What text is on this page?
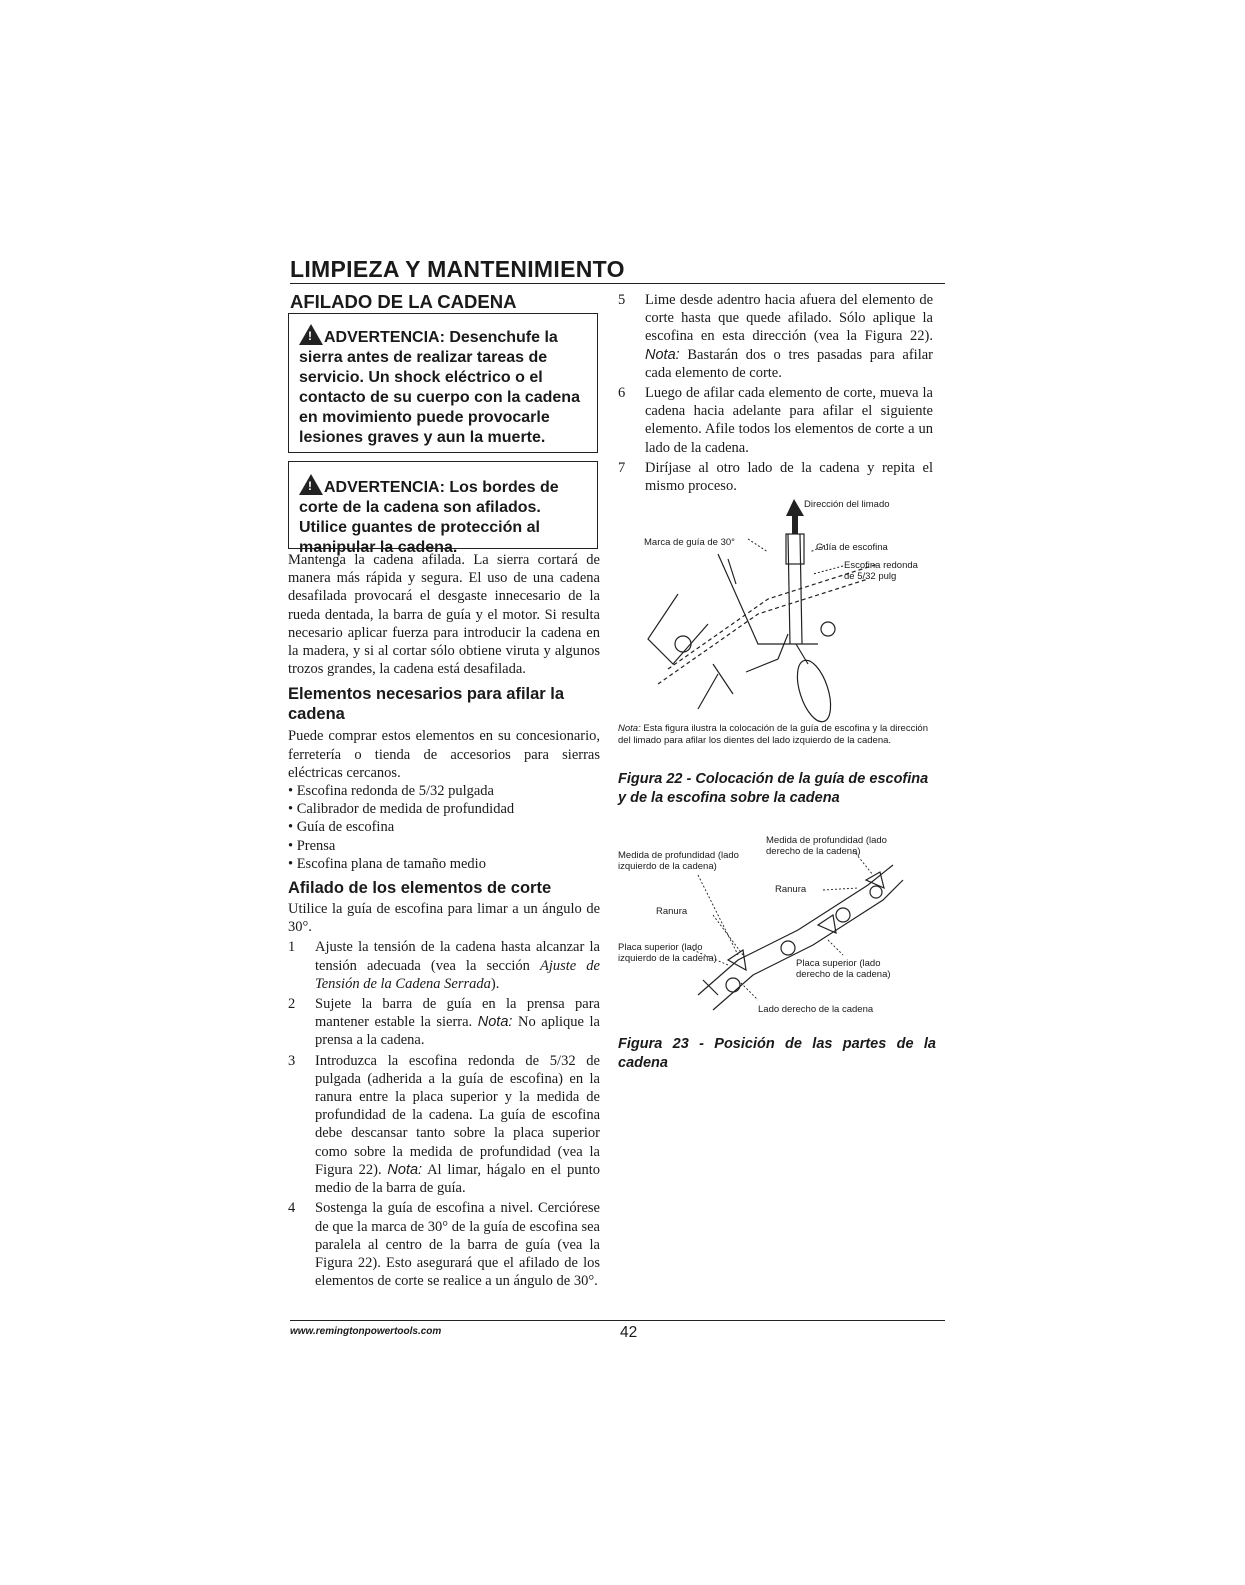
LIMPIEZA Y MANTENIMIENTO
AFILADO DE LA CADENA

!ADVERTENCIA: Desenchufe la sierra antes de realizar tareas de servicio. Un shock eléctrico o el contacto de su cuerpo con la cadena en movimiento puede provocarle lesiones graves y aun la muerte.

!ADVERTENCIA: Los bordes de corte de la cadena son afilados. Utilice guantes de protección al manipular la cadena.

Mantenga la cadena afilada. La sierra cortará de manera más rápida y segura. El uso de una cadena desafilada provocará el desgaste innecesario de la rueda dentada, la barra de guía y el motor. Si resulta necesario aplicar fuerza para introducir la cadena en la madera, y si al cortar sólo obtiene viruta y algunos trozos grandes, la cadena está desafilada.
Elementos necesarios para afilar la cadena
Puede comprar estos elementos en su concesionario, ferretería o tienda de accesorios para sierras eléctricas cercanos.
• Escofina redonda de 5/32 pulgada
• Calibrador de medida de profundidad
• Guía de escofina
• Prensa
• Escofina plana de tamaño medio
Afilado de los elementos de corte
Utilice la guía de escofina para limar a un ángulo de 30°.
1 Ajuste la tensión de la cadena hasta alcanzar la tensión adecuada (vea la sección Ajuste de Tensión de la Cadena Serrada).
2 Sujete la barra de guía en la prensa para mantener estable la sierra. Nota: No aplique la prensa a la cadena.
3 Introduzca la escofina redonda de 5/32 de pulgada (adherida a la guía de escofina) en la ranura entre la placa superior y la medida de profundidad de la cadena. La guía de escofina debe descansar tanto sobre la placa superior como sobre la medida de profundidad (vea la Figura 22). Nota: Al limar, hágalo en el punto medio de la barra de guía.
4 Sostenga la guía de escofina a nivel. Cerciórese de que la marca de 30° de la guía de escofina sea paralela al centro de la barra de guía (vea la Figura 22). Esto asegurará que el afilado de los elementos de corte se realice a un ángulo de 30°.
5 Lime desde adentro hacia afuera del elemento de corte hasta que quede afilado. Sólo aplique la escofina en esta dirección (vea la Figura 22). Nota: Bastarán dos o tres pasadas para afilar cada elemento de corte.
6 Luego de afilar cada elemento de corte, mueva la cadena hacia adelante para afilar el siguiente elemento. Afile todos los elementos de corte a un lado de la cadena.
7 Diríjase al otro lado de la cadena y repita el mismo proceso.
Dirección del limado
Marca de guía de 30°	Guía de escofina
Escofina redonda de 5/32 pulg
Nota: Esta figura ilustra la colocación de la guía de escofina y la dirección del limado para afilar los dientes del lado izquierdo de la cadena.
Figura 22 - Colocación de la guía de escofina y de la escofina sobre la cadena
Medida de profundidad (lado izquierdo de la cadena)
Medida de profundidad (lado derecho de la cadena)
Ranura
Ranura
Placa superior (lado izquierdo de la cadena)	Placa superior (lado derecho de la cadena)
Lado derecho de la cadena
Figura 23 - Posición de las partes de la cadena
www.remingtonpowertools.com	42
